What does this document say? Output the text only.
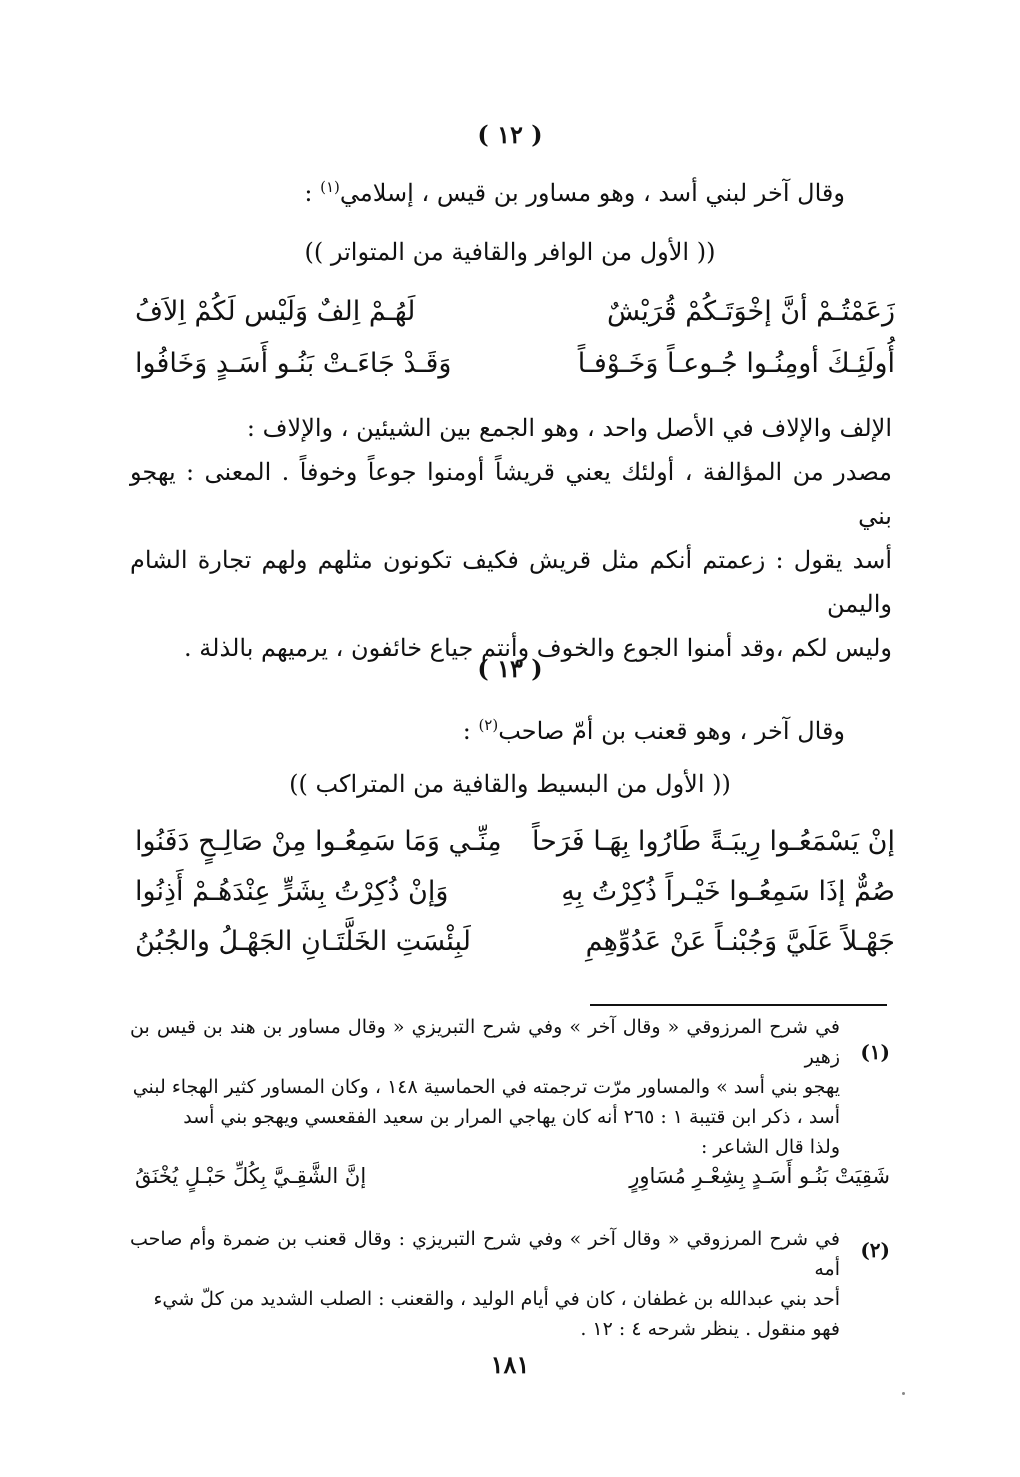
( ١٢ )
وقال آخر لبني أسد ، وهو مساور بن قيس ، إسلامي$^{(١)}$ :
(( الأول من الوافر والقافية من المتواتر ))
زَعَمْتُـمْ أنَّ إخْوَتَـكُمْ قُرَيْشٌ
لَهُـمْ اِلفٌ وَلَيْس لَكُمْ اِلاَفُ
أُولَئِـكَ أومِنُـوا جُـوعـاً وَخَـوْفـاً
وَقَـدْ جَاءَـتْ بَنُـو أَسَـدٍ وَخَافُوا
الإلف والإلاف في الأصل واحد ، وهو الجمع بين الشيئين ، والإلاف :
مصدر من المؤالفة ، أولئك يعني قريشاً أومنوا جوعاً وخوفاً . المعنى : يهجو بني
أسد يقول : زعمتم أنكم مثل قريش فكيف تكونون مثلهم ولهم تجارة الشام واليمن
وليس لكم ،وقد أمنوا الجوع والخوف وأنتم جياع خائفون ، يرميهم بالذلة .
( ١٣ )
وقال آخر ، وهو قعنب بن أمّ صاحب$^{(٢)}$ :
(( الأول من البسيط والقافية من المتراكب ))
إنْ يَسْمَعُـوا رِيبَـةً طَارُوا بِهَـا فَرَحاً
مِنِّـي وَمَا سَمِعُـوا مِنْ صَالِـحٍ دَفَنُوا
صُمٌّ إذَا سَمِعُـوا خَيْـراً ذُكِرْتُ بِهِ
وَإنْ ذُكِرْتُ بِشَرٍّ عِنْدَهُـمْ أَذِنُوا
جَهْـلاً عَلَيَّ وَجُبْنـاً عَنْ عَدُوِّهِمِ
لَبِئْسَتِ الخَلَّتَـانِ الجَهْـلُ والجُبُنُ
(١)
في شرح المرزوقي « وقال آخر » وفي شرح التبريزي « وقال مساور بن هند بن قيس بن زهير
يهجو بني أسد » والمساور مرّت ترجمته في الحماسية ١٤٨ ، وكان المساور كثير الهجاء لبني
أسد ، ذكر ابن قتيبة ١ : ٢٦٥ أنه كان يهاجي المرار بن سعيد الفقعسي ويهجو بني أسد
ولذا قال الشاعر :
شَقِيَتْ بَنُـو أَسَـدٍ بِشِعْـرِ مُسَاوِرٍ
إنَّ الشَّقِـيَّ بِكُلِّ حَبْـلٍ يُخْنَقُ
(٢)
في شرح المرزوقي « وقال آخر » وفي شرح التبريزي : وقال قعنب بن ضمرة وأم صاحب أمه
أحد بني عبدالله بن غطفان ، كان في أيام الوليد ، والقعنب : الصلب الشديد من كلّ شيء
فهو منقول . ينظر شرحه ٤ : ١٢ .
١٨١
